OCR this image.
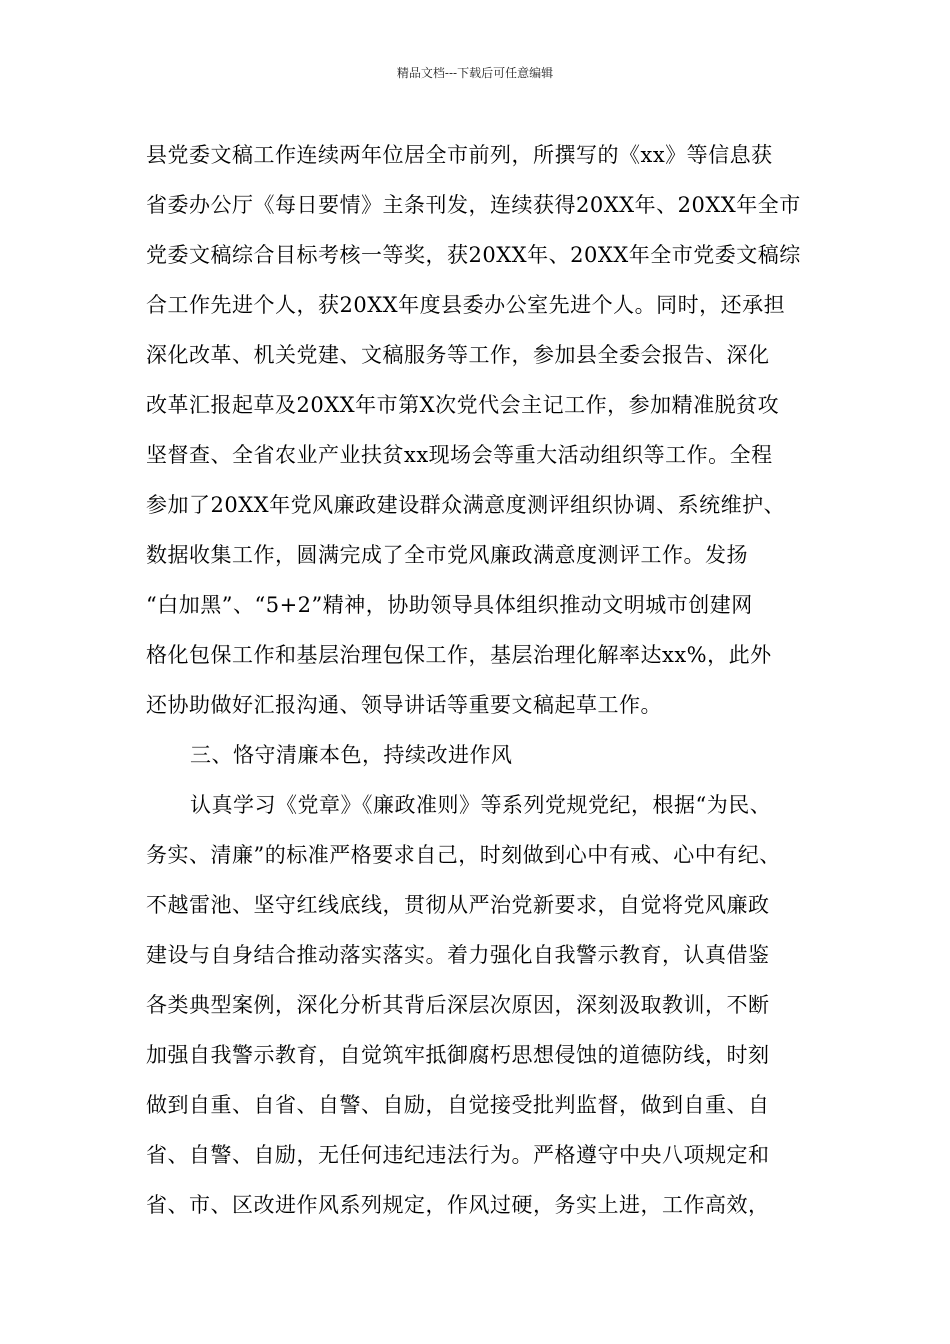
精品文档---下载后可任意编辑
县党委文稿工作连续两年位居全市前列，所撰写的《xx》等信息获
省委办公厅《每日要情》主条刊发，连续获得20XX年、20XX年全市
党委文稿综合目标考核一等奖，获20XX年、20XX年全市党委文稿综
合工作先进个人，获20XX年度县委办公室先进个人。同时，还承担
深化改革、机关党建、文稿服务等工作，参加县全委会报告、深化
改革汇报起草及20XX年市第X次党代会主记工作，参加精准脱贫攻
坚督查、全省农业产业扶贫xx现场会等重大活动组织等工作。全程
参加了20XX年党风廉政建设群众满意度测评组织协调、系统维护、
数据收集工作，圆满完成了全市党风廉政满意度测评工作。发扬
“白加黑”、“5+2”精神，协助领导具体组织推动文明城市创建网
格化包保工作和基层治理包保工作，基层治理化解率达xx%，此外
还协助做好汇报沟通、领导讲话等重要文稿起草工作。
三、恪守清廉本色，持续改进作风
认真学习《党章》《廉政准则》等系列党规党纪，根据“为民、
务实、清廉”的标准严格要求自己，时刻做到心中有戒、心中有纪、
不越雷池、坚守红线底线，贯彻从严治党新要求，自觉将党风廉政
建设与自身结合推动落实落实。着力强化自我警示教育，认真借鉴
各类典型案例，深化分析其背后深层次原因，深刻汲取教训，不断
加强自我警示教育，自觉筑牢抵御腐朽思想侵蚀的道德防线，时刻
做到自重、自省、自警、自励，自觉接受批判监督，做到自重、自
省、自警、自励，无任何违纪违法行为。严格遵守中央八项规定和
省、市、区改进作风系列规定，作风过硬，务实上进，工作高效，
